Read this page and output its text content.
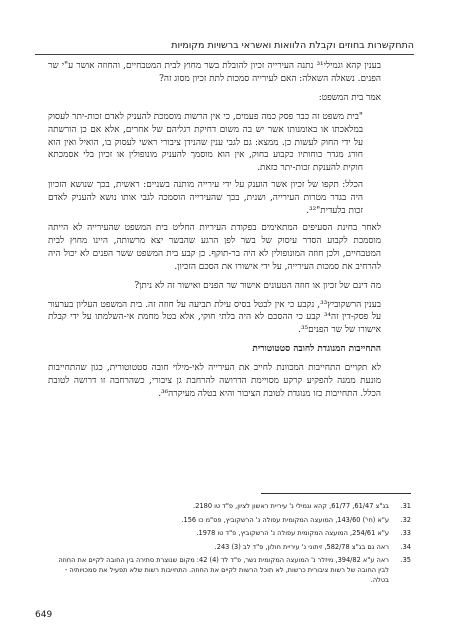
התחקשרות בחוזים וקבלת הלוואות ואשראי ברשויות מקומיות

בענין קהא וגמילי³¹ נתנה העירייה זכיון להובלת בשר מחוץ לבית המטבחיים, והחוזה אושר ע"י שר הפנים. נשאלה השאלה: האם לעירייה סמכות לתת זכיון מסוג זה?

אמר בית המשפט:

"בית משפט זה כבר פסק כמה פעמים, כי אין הרשות מוסמכת להעניק לאדם זכות-יתר לעסוק במלאכתו או באומנותו אשר יש בה משום דחיקת רגליהם של אחרים, אלא אם כן הורשתה על ידי החוק לעשות כן. ממצא: גם לגבי ענין שהנידן ציבורי ראשי לעסוק בו, הואיל ואין הוא חורג מגדר כוחותיו כקבוע בחוק, אין הוא מוסמך להעניק מונופולין או זכיון בלי אסמכתא חוקית להענקת זכות-יתר כזאת.

הכלל: תקפו של זכיון אשר הוענק על ידי עירייה מותנה בשניים: ראשית, בכך שנושא הזכיון היה בגדר מטרות העירייה, ושנית, בכך שהעירייה הוסמכה לגבי אותו נושא להעניק לאדם זכות בלעדית"³².

לאחר בחינת הסעיפים המתאימים בפקודת העיריות החליט בית המשפט שהעירייה לא הייתה מוסמכת לקבוע הסדר עיסוק של בשר לפן הרגע שהבשר יצא מרשותה, היינו מחוץ לבית המטבחיים, ולכן חוזה המונופולין לא היה בר-תוקף. כן קבע בית המשפט ששר הפנים לא יכול היה להרחיב את סמכות העירייה, על ידי אישורו את הסכם הזכיון.

מה דינם של זכיון או חוזה הטעונים אישור שר הפנים ואישור זה לא ניתן?

בענין הרשקוביץ³³, נקבע כי אין לבטל בסיס עילת תביעה על חוזה זה. בית המשפט העליון בערעור על פסק-דין זה³⁴ קבע כי ההסכם לא היה בלתי חוקי, אלא בטל מחמת אי-השלמתו על ידי קבלת אישורו של שר הפנים³⁵.

התחייבות המנוגדת לחובה סטטוטורית

לא תקויים התחייבות המכוונת לחייב את העירייה לאי-מילוי חובה סטטוטורית, כגון שהתחייבות מונעת ממנה להפקיע קרקע מסויימת הדרושה להרחבת גן ציבורי, כשהרחבה זו דרושה לטובת הכלל. התחייבות כזו מנוגדת לטובת הציבור והיא בטלה מעיקרה³⁶.

31.
בג"צ 61/47, 61/77, קהא וגמילי נ' עיריית ראשון לציון, פ"ד טו 2180.
32.
ע"א (חי') 143/60, המועצה המקומית עפולה נ' הרשקוביץ, פס"מ כו 156.
33.
ע"א 254/61, המועצה המקומית עפולה נ' הרשקוביץ, פ"ד טו 1978.
34.
ראה גם בג"צ 582/78, זיתוני נ' עיריית חולון, פ"ד לב (3) 243.
35.
ראה ע"א 394/82, מיזלר נ' המועצה המקומית נשר, פ"ד לד (4) 42: מקום שנוצרת סתירה בין החובה לקיים את החוזה לבין החובה של רשות ציבורית כרשות, לא תוכל הרשות לקיים את החוזה. התחייבות רשות שלא תפעיל את סמכויותיה - בטלה.
649
